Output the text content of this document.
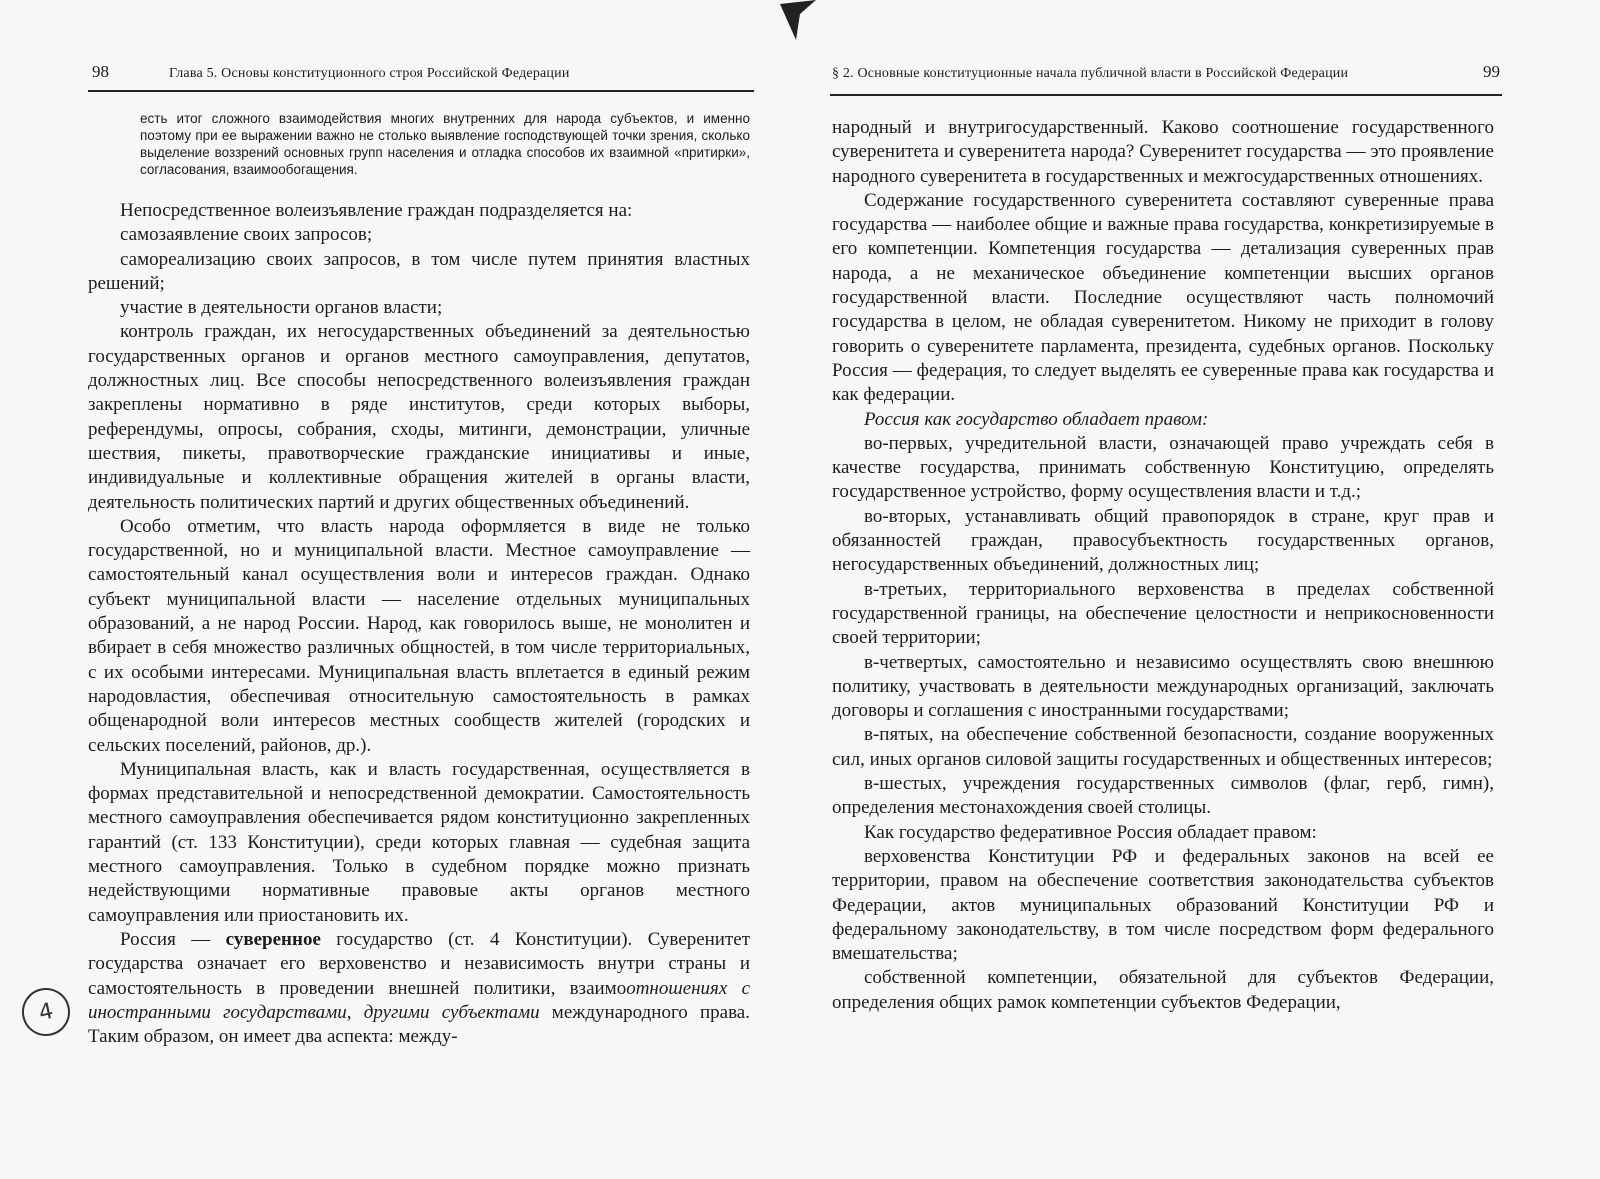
98	Глава 5. Основы конституционного строя Российской Федерации

есть итог сложного взаимодействия многих внутренних для народа субъектов, и именно поэтому при ее выражении важно не столько выявление господствующей точки зрения, сколько выделение воззрений основных групп населения и отладка способов их взаимной «притирки», согласования, взаимообогащения.

Непосредственное волеизъявление граждан подразделяется на:

самозаявление своих запросов;

самореализацию своих запросов, в том числе путем принятия властных решений;

участие в деятельности органов власти;

контроль граждан, их негосударственных объединений за деятельностью государственных органов и органов местного самоуправления, депутатов, должностных лиц. Все способы непосредственного волеизъявления граждан закреплены нормативно в ряде институтов, среди которых выборы, референдумы, опросы, собрания, сходы, митинги, демонстрации, уличные шествия, пикеты, правотворческие гражданские инициативы и иные, индивидуальные и коллективные обращения жителей в органы власти, деятельность политических партий и других общественных объединений.

Особо отметим, что власть народа оформляется в виде не только государственной, но и муниципальной власти. Местное самоуправление — самостоятельный канал осуществления воли и интересов граждан. Однако субъект муниципальной власти — население отдельных муниципальных образований, а не народ России. Народ, как говорилось выше, не монолитен и вбирает в себя множество различных общностей, в том числе территориальных, с их особыми интересами. Муниципальная власть вплетается в единый режим народовластия, обеспечивая относительную самостоятельность в рамках общенародной воли интересов местных сообществ жителей (городских и сельских поселений, районов, др.).

Муниципальная власть, как и власть государственная, осуществляется в формах представительной и непосредственной демократии. Самостоятельность местного самоуправления обеспечивается рядом конституционно закрепленных гарантий (ст. 133 Конституции), среди которых главная — судебная защита местного самоуправления. Только в судебном порядке можно признать недействующими нормативные правовые акты органов местного самоуправления или приостановить их.

Россия — суверенное государство (ст. 4 Конституции). Суверенитет государства означает его верховенство и независимость внутри страны и самостоятельность в проведении внешней политики, взаимоотношениях с иностранными государствами, другими субъектами международного права. Таким образом, он имеет два аспекта: между-

4
§ 2. Основные конституционные начала публичной власти в Российской Федерации	99

народный и внутригосударственный. Каково соотношение государственного суверенитета и суверенитета народа? Суверенитет государства — это проявление народного суверенитета в государственных и межгосударственных отношениях.

Содержание государственного суверенитета составляют суверенные права государства — наиболее общие и важные права государства, конкретизируемые в его компетенции. Компетенция государства — детализация суверенных прав народа, а не механическое объединение компетенции высших органов государственной власти. Последние осуществляют часть полномочий государства в целом, не обладая суверенитетом. Никому не приходит в голову говорить о суверенитете парламента, президента, судебных органов. Поскольку Россия — федерация, то следует выделять ее суверенные права как государства и как федерации.

Россия как государство обладает правом:

во-первых, учредительной власти, означающей право учреждать себя в качестве государства, принимать собственную Конституцию, определять государственное устройство, форму осуществления власти и т.д.;

во-вторых, устанавливать общий правопорядок в стране, круг прав и обязанностей граждан, правосубъектность государственных органов, негосударственных объединений, должностных лиц;

в-третьих, территориального верховенства в пределах собственной государственной границы, на обеспечение целостности и неприкосновенности своей территории;

в-четвертых, самостоятельно и независимо осуществлять свою внешнюю политику, участвовать в деятельности международных организаций, заключать договоры и соглашения с иностранными государствами;

в-пятых, на обеспечение собственной безопасности, создание вооруженных сил, иных органов силовой защиты государственных и общественных интересов;

в-шестых, учреждения государственных символов (флаг, герб, гимн), определения местонахождения своей столицы.

Как государство федеративное Россия обладает правом:

верховенства Конституции РФ и федеральных законов на всей ее территории, правом на обеспечение соответствия законодательства субъектов Федерации, актов муниципальных образований Конституции РФ и федеральному законодательству, в том числе посредством форм федерального вмешательства;

собственной компетенции, обязательной для субъектов Федерации, определения общих рамок компетенции субъектов Федерации,
